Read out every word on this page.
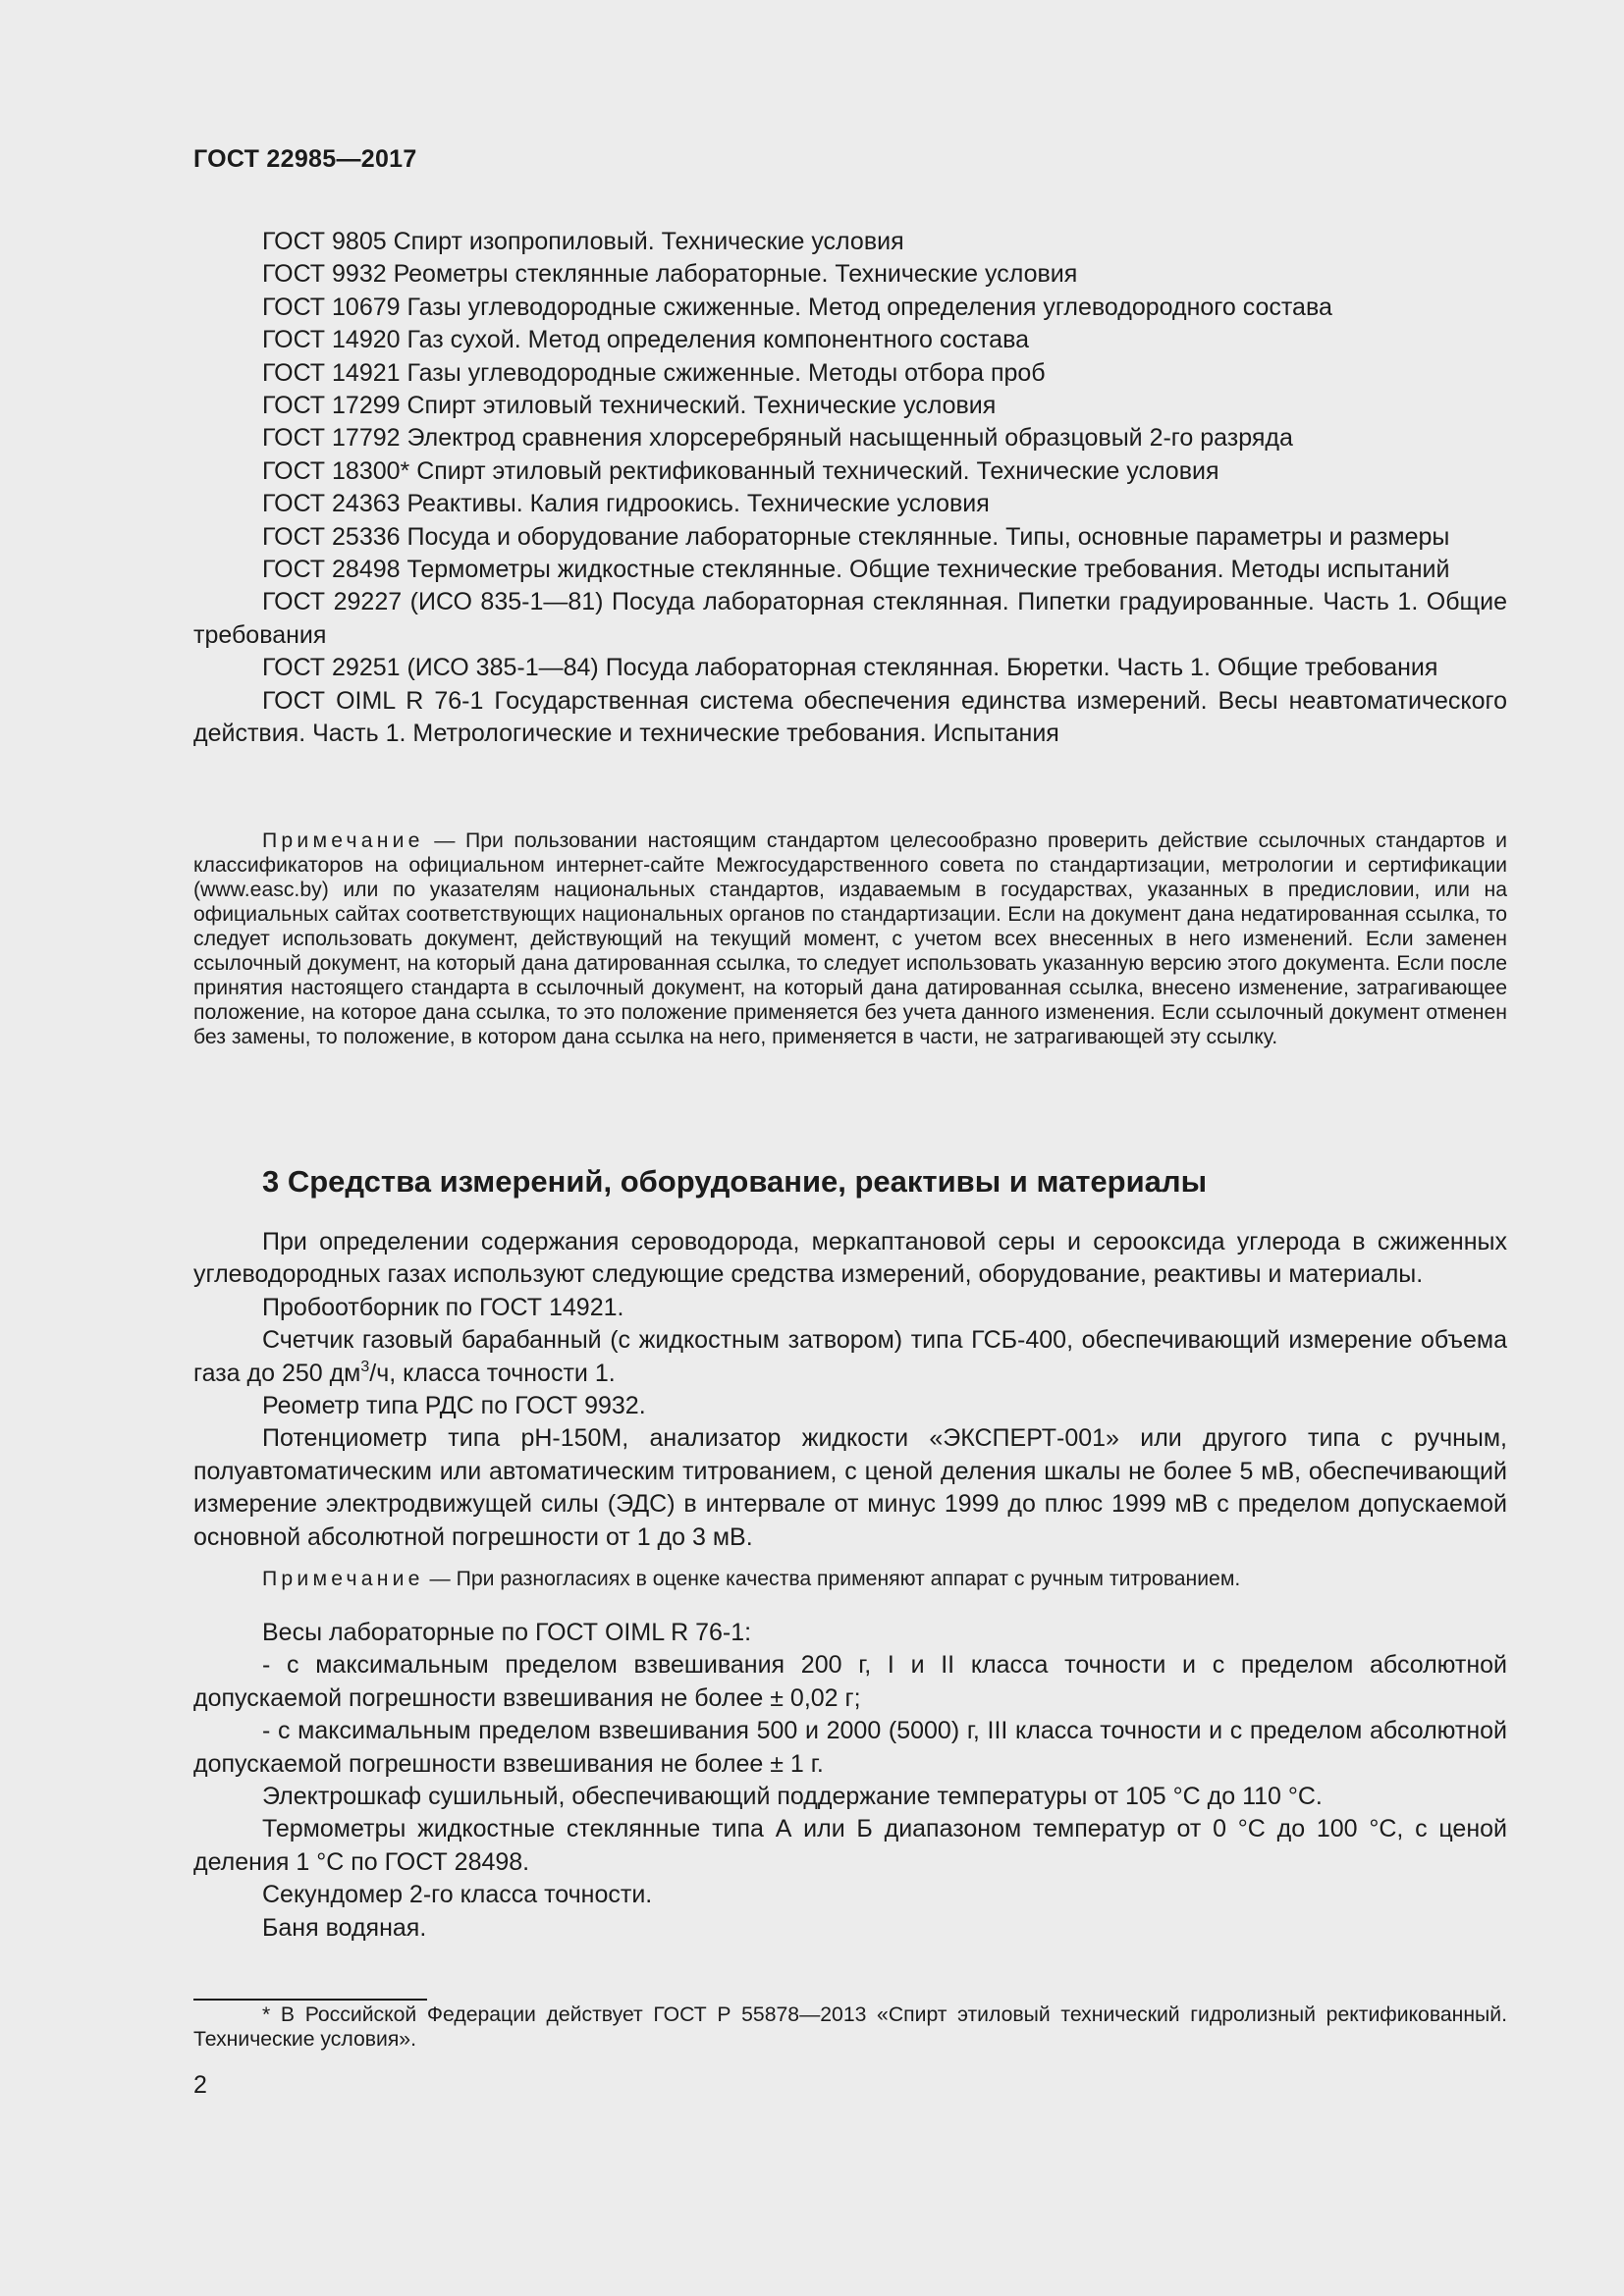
ГОСТ 22985—2017

ГОСТ 9805 Спирт изопропиловый. Технические условия

ГОСТ 9932 Реометры стеклянные лабораторные. Технические условия

ГОСТ 10679 Газы углеводородные сжиженные. Метод определения углеводородного состава

ГОСТ 14920 Газ сухой. Метод определения компонентного состава

ГОСТ 14921 Газы углеводородные сжиженные. Методы отбора проб

ГОСТ 17299 Спирт этиловый технический. Технические условия

ГОСТ 17792 Электрод сравнения хлорсеребряный насыщенный образцовый 2-го разряда

ГОСТ 18300* Спирт этиловый ректификованный технический. Технические условия

ГОСТ 24363 Реактивы. Калия гидроокись. Технические условия

ГОСТ 25336 Посуда и оборудование лабораторные стеклянные. Типы, основные параметры и размеры

ГОСТ 28498 Термометры жидкостные стеклянные. Общие технические требования. Методы испытаний

ГОСТ 29227 (ИСО 835-1—81) Посуда лабораторная стеклянная. Пипетки градуированные. Часть 1. Общие требования

ГОСТ 29251 (ИСО 385-1—84) Посуда лабораторная стеклянная. Бюретки. Часть 1. Общие требования

ГОСТ OIML R 76-1 Государственная система обеспечения единства измерений. Весы неавтоматического действия. Часть 1. Метрологические и технические требования. Испытания

Примечание — При пользовании настоящим стандартом целесообразно проверить действие ссылочных стандартов и классификаторов на официальном интернет-сайте Межгосударственного совета по стандартизации, метрологии и сертификации (www.easc.by) или по указателям национальных стандартов, издаваемым в государствах, указанных в предисловии, или на официальных сайтах соответствующих национальных органов по стандартизации. Если на документ дана недатированная ссылка, то следует использовать документ, действующий на текущий момент, с учетом всех внесенных в него изменений. Если заменен ссылочный документ, на который дана датированная ссылка, то следует использовать указанную версию этого документа. Если после принятия настоящего стандарта в ссылочный документ, на который дана датированная ссылка, внесено изменение, затрагивающее положение, на которое дана ссылка, то это положение применяется без учета данного изменения. Если ссылочный документ отменен без замены, то положение, в котором дана ссылка на него, применяется в части, не затрагивающей эту ссылку.

3 Средства измерений, оборудование, реактивы и материалы

При определении содержания сероводорода, меркаптановой серы и серооксида углерода в сжиженных углеводородных газах используют следующие средства измерений, оборудование, реактивы и материалы.

Пробоотборник по ГОСТ 14921.

Счетчик газовый барабанный (с жидкостным затвором) типа ГСБ-400, обеспечивающий измерение объема газа до 250 $дм^3/ч$, класса точности 1.

Реометр типа РДС по ГОСТ 9932.

Потенциометр типа рН-150М, анализатор жидкости «ЭКСПЕРТ-001» или другого типа с ручным, полуавтоматическим или автоматическим титрованием, с ценой деления шкалы не более 5 мВ, обеспечивающий измерение электродвижущей силы (ЭДС) в интервале от минус 1999 до плюс 1999 мВ с пределом допускаемой основной абсолютной погрешности от 1 до 3 мВ.

Примечание — При разногласиях в оценке качества применяют аппарат с ручным титрованием.

Весы лабораторные по ГОСТ OIML R 76-1:

- с максимальным пределом взвешивания 200 г, I и II класса точности и с пределом абсолютной допускаемой погрешности взвешивания не более ± 0,02 г;

- с максимальным пределом взвешивания 500 и 2000 (5000) г, III класса точности и с пределом абсолютной допускаемой погрешности взвешивания не более ± 1 г.

Электрошкаф сушильный, обеспечивающий поддержание температуры от 105 °С до 110 °С.

Термометры жидкостные стеклянные типа А или Б диапазоном температур от 0 °С до 100 °С, с ценой деления 1 °С по ГОСТ 28498.

Секундомер 2-го класса точности.

Баня водяная.

* В Российской Федерации действует ГОСТ Р 55878—2013 «Спирт этиловый технический гидролизный ректификованный. Технические условия».

2
